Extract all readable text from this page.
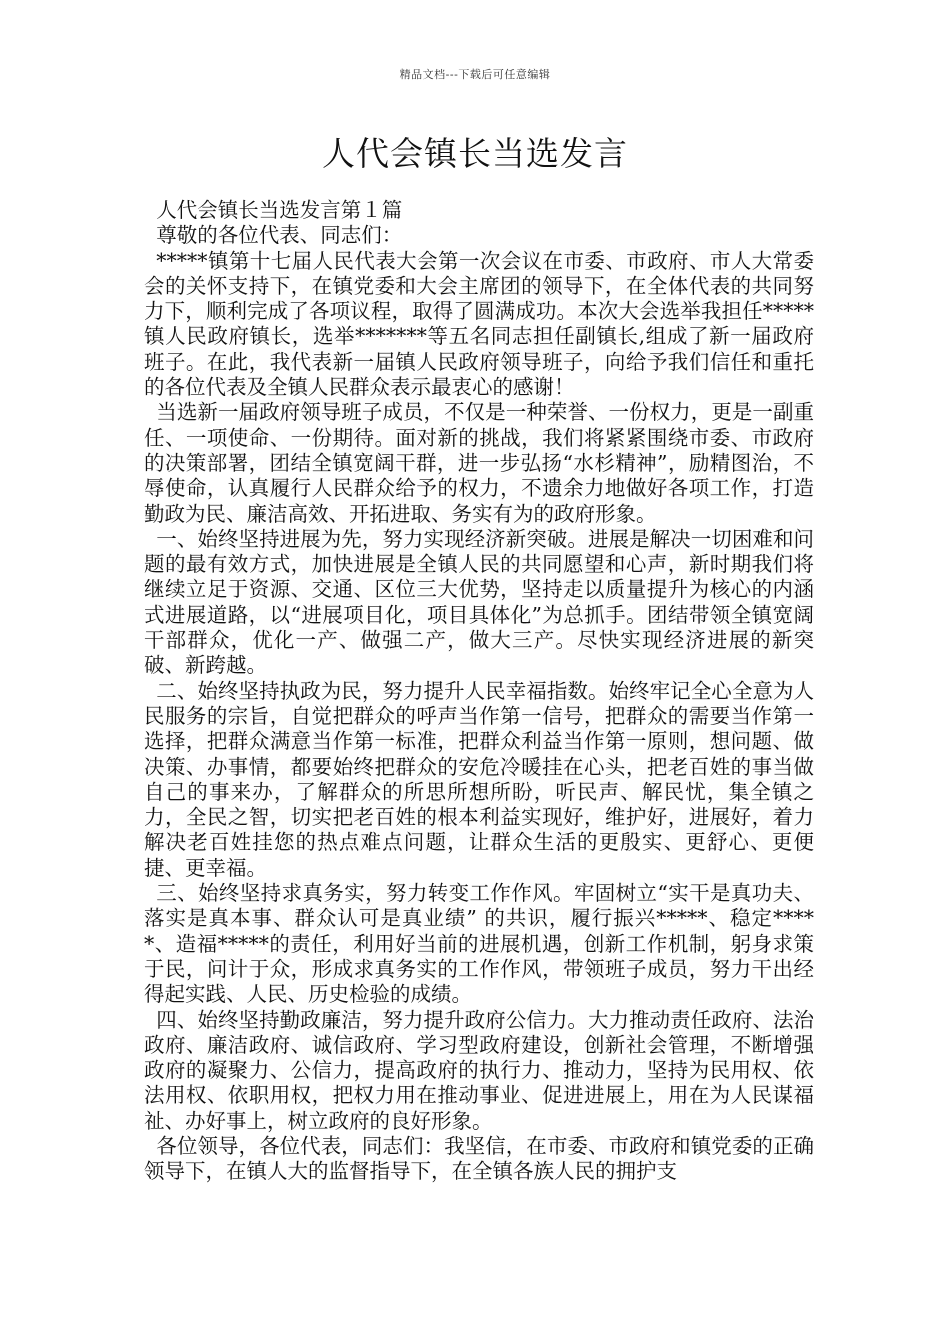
精品文档---下载后可任意编辑
人代会镇长当选发言

人代会镇长当选发言第１篇

尊敬的各位代表、同志们：

*****镇第十七届人民代表大会第一次会议在市委、市政府、市人大常委会的关怀支持下，在镇党委和大会主席团的领导下，在全体代表的共同努力下，顺利完成了各项议程，取得了圆满成功。本次大会选举我担任*****镇人民政府镇长，选举*******等五名同志担任副镇长,组成了新一届政府班子。在此，我代表新一届镇人民政府领导班子，向给予我们信任和重托的各位代表及全镇人民群众表示最衷心的感谢！

当选新一届政府领导班子成员，不仅是一种荣誉、一份权力，更是一副重任、一项使命、一份期待。面对新的挑战，我们将紧紧围绕市委、市政府的决策部署，团结全镇宽阔干群，进一步弘扬“水杉精神”，励精图治，不辱使命，认真履行人民群众给予的权力，不遗余力地做好各项工作，打造勤政为民、廉洁高效、开拓进取、务实有为的政府形象。

一、始终坚持进展为先，努力实现经济新突破。进展是解决一切困难和问题的最有效方式，加快进展是全镇人民的共同愿望和心声，新时期我们将继续立足于资源、交通、区位三大优势，坚持走以质量提升为核心的内涵式进展道路，以“进展项目化，项目具体化”为总抓手。团结带领全镇宽阔干部群众，优化一产、做强二产，做大三产。尽快实现经济进展的新突破、新跨越。

二、始终坚持执政为民，努力提升人民幸福指数。始终牢记全心全意为人民服务的宗旨，自觉把群众的呼声当作第一信号，把群众的需要当作第一选择，把群众满意当作第一标准，把群众利益当作第一原则，想问题、做决策、办事情，都要始终把群众的安危冷暖挂在心头，把老百姓的事当做自己的事来办，了解群众的所思所想所盼，听民声、解民忧，集全镇之力，全民之智，切实把老百姓的根本利益实现好，维护好，进展好，着力解决老百姓挂您的热点难点问题，让群众生活的更殷实、更舒心、更便捷、更幸福。

三、始终坚持求真务实，努力转变工作作风。牢固树立“实干是真功夫、落实是真本事、群众认可是真业绩” 的共识，履行振兴*****、稳定*****、造福*****的责任，利用好当前的进展机遇，创新工作机制，躬身求策于民，问计于众，形成求真务实的工作作风，带领班子成员，努力干出经得起实践、人民、历史检验的成绩。

四、始终坚持勤政廉洁，努力提升政府公信力。大力推动责任政府、法治政府、廉洁政府、诚信政府、学习型政府建设，创新社会管理，不断增强政府的凝聚力、公信力，提高政府的执行力、推动力，坚持为民用权、依法用权、依职用权，把权力用在推动事业、促进进展上，用在为人民谋福祉、办好事上，树立政府的良好形象。

各位领导，各位代表，同志们：我坚信，在市委、市政府和镇党委的正确领导下，在镇人大的监督指导下，在全镇各族人民的拥护支
